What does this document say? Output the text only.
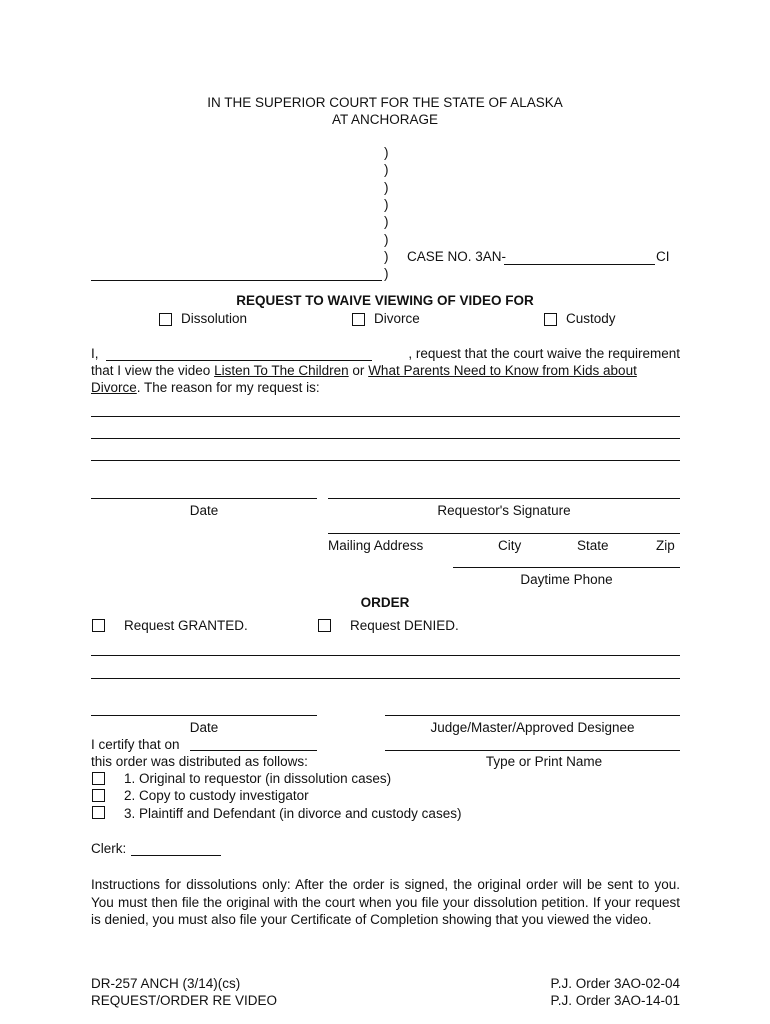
IN THE SUPERIOR COURT FOR THE STATE OF ALASKA
AT ANCHORAGE
)
)
)
)
)
)
)
)
CASE NO. 3AN-	CI
REQUEST TO WAIVE VIEWING OF VIDEO FOR
Dissolution	Divorce	Custody
I,	, request that the court waive the requirement
that I view the video Listen To The Children or What Parents Need to Know from Kids about
Divorce. The reason for my request is:
Date	Requestor's Signature
Mailing Address	City	State	Zip
Daytime Phone
ORDER
Request GRANTED.	Request DENIED.
Date	Judge/Master/Approved Designee
I certify that on
this order was distributed as follows:	Type or Print Name
1. Original to requestor (in dissolution cases)
2. Copy to custody investigator
3. Plaintiff and Defendant (in divorce and custody cases)
Clerk:
Instructions for dissolutions only: After the order is signed, the original order will be sent to you. You must then file the original with the court when you file your dissolution petition. If your request is denied, you must also file your Certificate of Completion showing that you viewed the video.
DR-257 ANCH (3/14)(cs)
REQUEST/ORDER RE VIDEO
P.J. Order 3AO-02-04
P.J. Order 3AO-14-01
